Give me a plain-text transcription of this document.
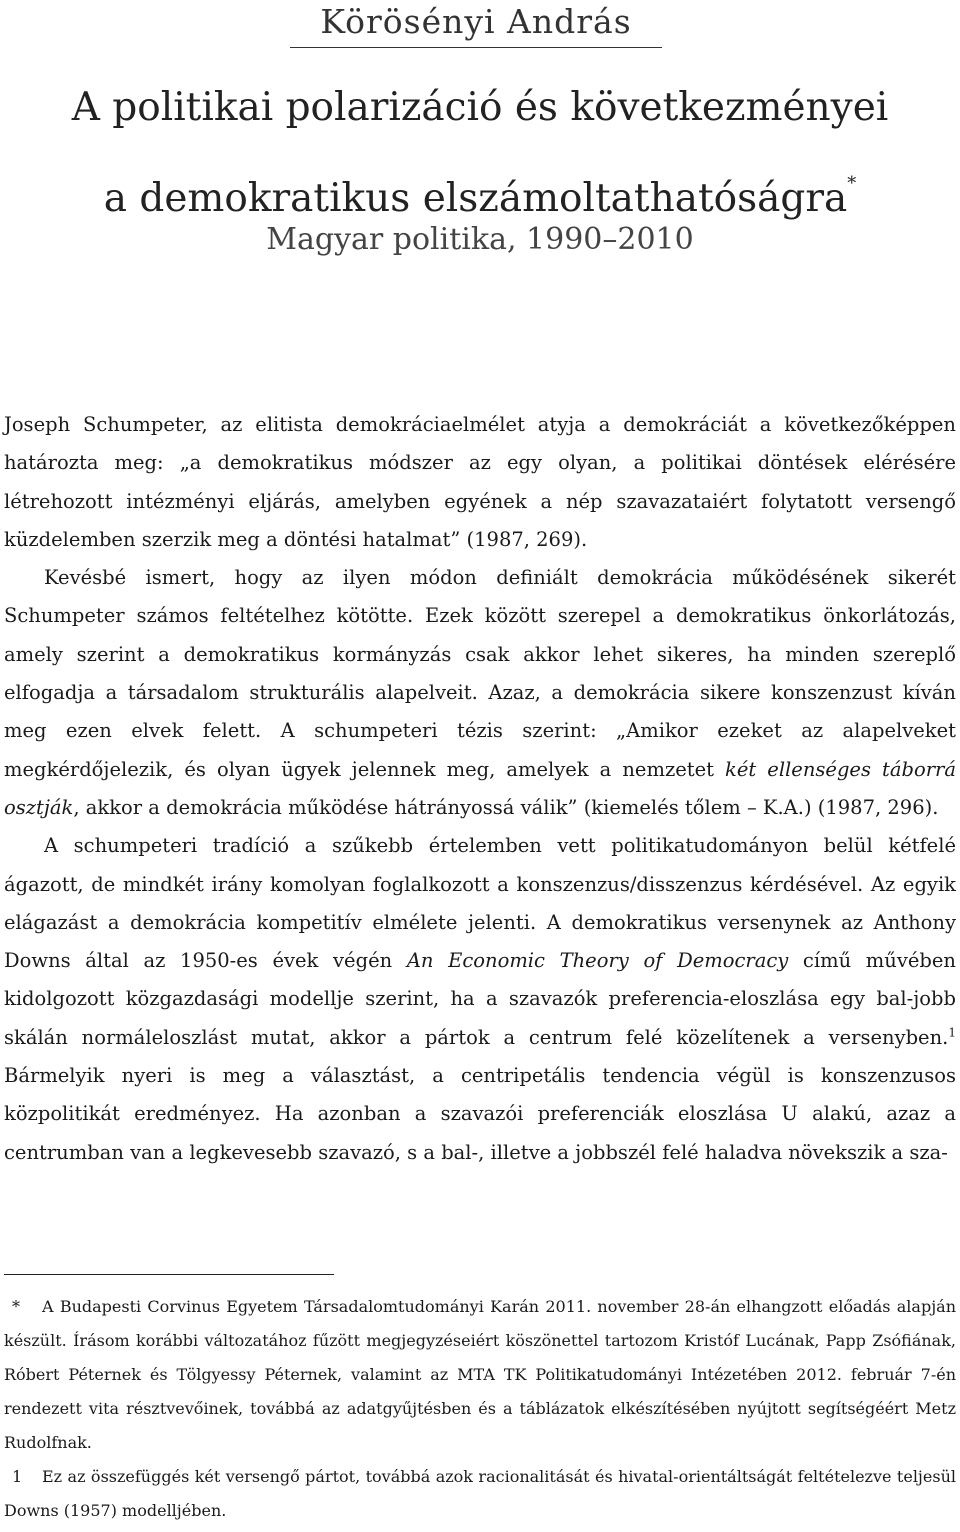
Körösényi András
A politikai polarizáció és következményei
a demokratikus elszámoltathatóságra*
Magyar politika, 1990–2010

Joseph Schumpeter, az elitista demokráciaelmélet atyja a demokráciát a következőképpen határozta meg: „a demokratikus módszer az egy olyan, a politikai döntések elérésére létrehozott intézményi eljárás, amelyben egyének a nép szavazataiért folytatott versengő küzdelemben szerzik meg a döntési hatalmat” (1987, 269).

Kevésbé ismert, hogy az ilyen módon definiált demokrácia működésének sikerét Schumpeter számos feltételhez kötötte. Ezek között szerepel a demokratikus önkorlátozás, amely szerint a demokratikus kormányzás csak akkor lehet sikeres, ha minden szereplő elfogadja a társadalom strukturális alapelveit. Azaz, a demokrácia sikere konszenzust kíván meg ezen elvek felett. A schumpeteri tézis szerint: „Amikor ezeket az alapelveket megkérdőjelezik, és olyan ügyek jelennek meg, amelyek a nemzetet két ellenséges táborrá osztják, akkor a demokrácia működése hátrányossá válik” (kiemelés tőlem – K.A.) (1987, 296).

A schumpeteri tradíció a szűkebb értelemben vett politikatudományon belül kétfelé ágazott, de mindkét irány komolyan foglalkozott a konszenzus/disszenzus kérdésével. Az egyik elágazást a demokrácia kompetitív elmélete jelenti. A demokratikus versenynek az Anthony Downs által az 1950-es évek végén An Economic Theory of Democracy című művében kidolgozott közgazdasági modellje szerint, ha a szavazók preferencia-eloszlása egy bal-jobb skálán normáleloszlást mutat, akkor a pártok a centrum felé közelítenek a versenyben.$^1$ Bármelyik nyeri is meg a választást, a centripetális tendencia végül is konszenzusos közpolitikát eredményez. Ha azonban a szavazói preferenciák eloszlása U alakú, azaz a centrumban van a legkevesebb szavazó, s a bal-, illetve a jobbszél felé haladva növekszik a sza-

* A Budapesti Corvinus Egyetem Társadalomtudományi Karán 2011. november 28-án elhangzott előadás alapján készült. Írásom korábbi változatához fűzött megjegyzéseiért köszönettel tartozom Kristóf Lucának, Papp Zsófiának, Róbert Péternek és Tölgyessy Péternek, valamint az MTA TK Politikatudományi Intézetében 2012. február 7-én rendezett vita résztvevőinek, továbbá az adatgyűjtésben és a táblázatok elkészítésében nyújtott segítségéért Metz Rudolfnak.

1 Ez az összefüggés két versengő pártot, továbbá azok racionalitását és hivatal-orientáltságát feltételezve teljesül Downs (1957) modelljében.
